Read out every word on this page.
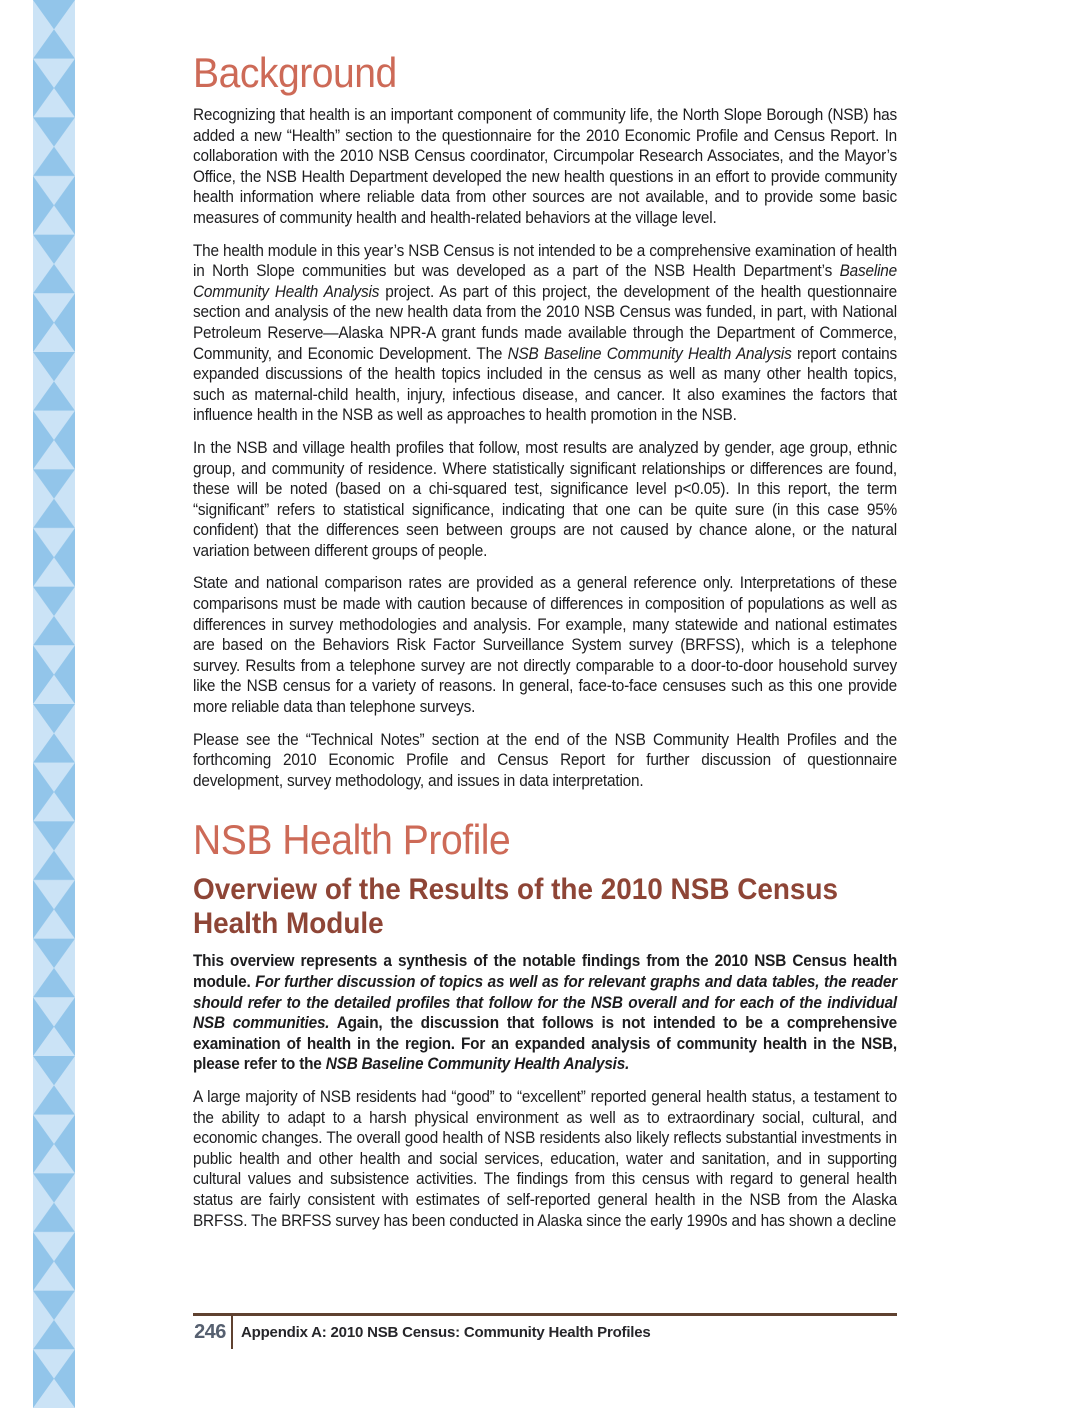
Background

Recognizing that health is an important component of community life, the North Slope Borough (NSB) has added a new “Health” section to the questionnaire for the 2010 Economic Profile and Census Report. In collaboration with the 2010 NSB Census coordinator, Circumpolar Research Associates, and the Mayor’s Office, the NSB Health Department developed the new health questions in an effort to provide community health information where reliable data from other sources are not available, and to provide some basic measures of community health and health-related behaviors at the village level.

The health module in this year’s NSB Census is not intended to be a comprehensive examination of health in North Slope communities but was developed as a part of the NSB Health Department’s Baseline Community Health Analysis project. As part of this project, the development of the health questionnaire section and analysis of the new health data from the 2010 NSB Census was funded, in part, with National Petroleum Reserve—Alaska NPR-A grant funds made available through the Department of Commerce, Community, and Economic Development. The NSB Baseline Community Health Analysis report contains expanded discussions of the health topics included in the census as well as many other health topics, such as maternal-child health, injury, infectious disease, and cancer. It also examines the factors that influence health in the NSB as well as approaches to health promotion in the NSB.

In the NSB and village health profiles that follow, most results are analyzed by gender, age group, ethnic group, and community of residence. Where statistically significant relationships or differences are found, these will be noted (based on a chi-squared test, significance level p<0.05). In this report, the term “significant” refers to statistical significance, indicating that one can be quite sure (in this case 95% confident) that the differences seen between groups are not caused by chance alone, or the natural variation between different groups of people.

State and national comparison rates are provided as a general reference only. Interpretations of these comparisons must be made with caution because of differences in composition of populations as well as differences in survey methodologies and analysis. For example, many statewide and national estimates are based on the Behaviors Risk Factor Surveillance System survey (BRFSS), which is a telephone survey. Results from a telephone survey are not directly comparable to a door-to-door household survey like the NSB census for a variety of reasons. In general, face-to-face censuses such as this one provide more reliable data than telephone surveys.

Please see the “Technical Notes” section at the end of the NSB Community Health Profiles and the forthcoming 2010 Economic Profile and Census Report for further discussion of questionnaire development, survey methodology, and issues in data interpretation.

NSB Health Profile
Overview of the Results of the 2010 NSB Census
Health Module

This overview represents a synthesis of the notable findings from the 2010 NSB Census health module. For further discussion of topics as well as for relevant graphs and data tables, the reader should refer to the detailed profiles that follow for the NSB overall and for each of the individual NSB communities. Again, the discussion that follows is not intended to be a comprehensive examination of health in the region. For an expanded analysis of community health in the NSB, please refer to the NSB Baseline Community Health Analysis.

A large majority of NSB residents had “good” to “excellent” reported general health status, a testament to the ability to adapt to a harsh physical environment as well as to extraordinary social, cultural, and economic changes. The overall good health of NSB residents also likely reflects substantial investments in public health and other health and social services, education, water and sanitation, and in supporting cultural values and subsistence activities. The findings from this census with regard to general health status are fairly consistent with estimates of self-reported general health in the NSB from the Alaska BRFSS. The BRFSS survey has been conducted in Alaska since the early 1990s and has shown a decline

246 Appendix A: 2010 NSB Census: Community Health Profiles
